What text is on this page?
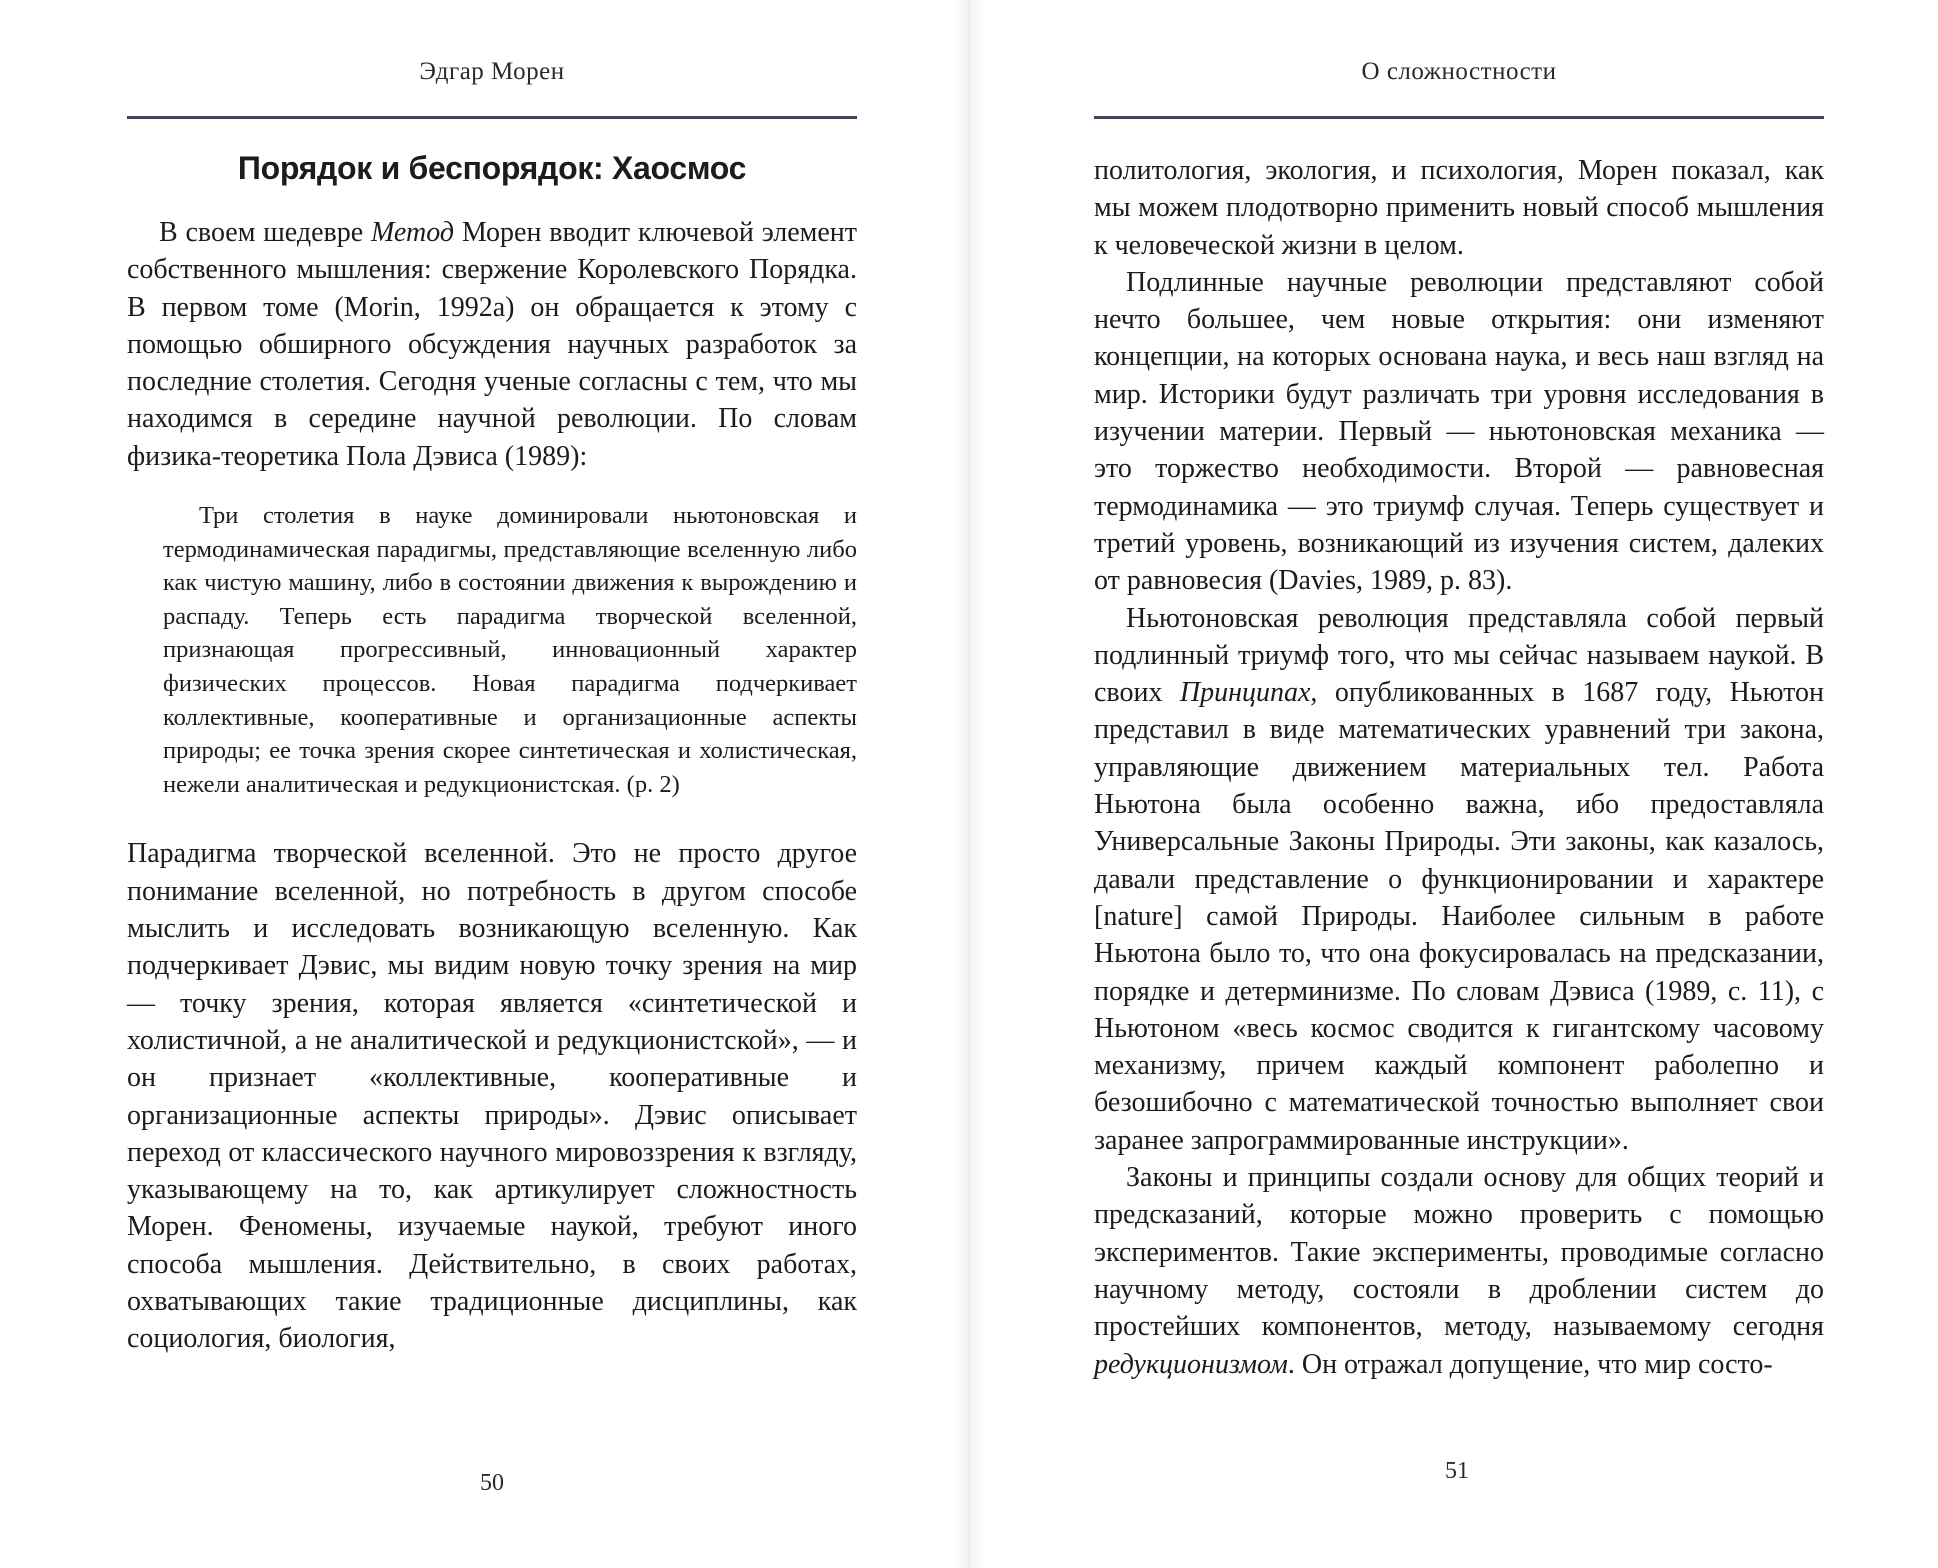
Эдгар Морен
Порядок и беспорядок: Хаосмос

В своем шедевре Метод Морен вводит ключевой элемент собственного мышления: свержение Королевского Порядка. В первом томе (Morin, 1992a) он обращается к этому с помощью обширного обсуждения научных разработок за последние столетия. Сегодня ученые согласны с тем, что мы находимся в середине научной революции. По словам физика-теоретика Пола Дэвиса (1989):

Три столетия в науке доминировали ньютоновская и термодинамическая парадигмы, представляющие вселенную либо как чистую машину, либо в состоянии движения к вырождению и распаду. Теперь есть парадигма творческой вселенной, признающая прогрессивный, инновационный характер физических процессов. Новая парадигма подчеркивает коллективные, кооперативные и организационные аспекты природы; ее точка зрения скорее синтетическая и холистическая, нежели аналитическая и редукционистская. (p. 2)

Парадигма творческой вселенной. Это не просто другое понимание вселенной, но потребность в другом способе мыслить и исследовать возникающую вселенную. Как подчеркивает Дэвис, мы видим новую точку зрения на мир — точку зрения, которая является «синтетической и холистичной, а не аналитической и редукционистской», — и он признает «коллективные, кооперативные и организационные аспекты природы». Дэвис описывает переход от классического научного мировоззрения к взгляду, указывающему на то, как артикулирует сложностность Морен. Феномены, изучаемые наукой, требуют иного способа мышления. Действительно, в своих работах, охватывающих такие традиционные дисциплины, как социология, биология,

50
О сложностности

политология, экология, и психология, Морен показал, как мы можем плодотворно применить новый способ мышления к человеческой жизни в целом.

Подлинные научные революции представляют собой нечто большее, чем новые открытия: они изменяют концепции, на которых основана наука, и весь наш взгляд на мир. Историки будут различать три уровня исследования в изучении материи. Первый — ньютоновская механика — это торжество необходимости. Второй — равновесная термодинамика — это триумф случая. Теперь существует и третий уровень, возникающий из изучения систем, далеких от равновесия (Davies, 1989, p. 83).

Ньютоновская революция представляла собой первый подлинный триумф того, что мы сейчас называем наукой. В своих Принципах, опубликованных в 1687 году, Ньютон представил в виде математических уравнений три закона, управляющие движением материальных тел. Работа Ньютона была особенно важна, ибо предоставляла Универсальные Законы Природы. Эти законы, как казалось, давали представление о функционировании и характере [nature] самой Природы. Наиболее сильным в работе Ньютона было то, что она фокусировалась на предсказании, порядке и детерминизме. По словам Дэвиса (1989, с. 11), с Ньютоном «весь космос сводится к гигантскому часовому механизму, причем каждый компонент раболепно и безошибочно с математической точностью выполняет свои заранее запрограммированные инструкции».

Законы и принципы создали основу для общих теорий и предсказаний, которые можно проверить с помощью экспериментов. Такие эксперименты, проводимые согласно научному методу, состояли в дроблении систем до простейших компонентов, методу, называемому сегодня редукционизмом. Он отражал допущение, что мир состо-

51
